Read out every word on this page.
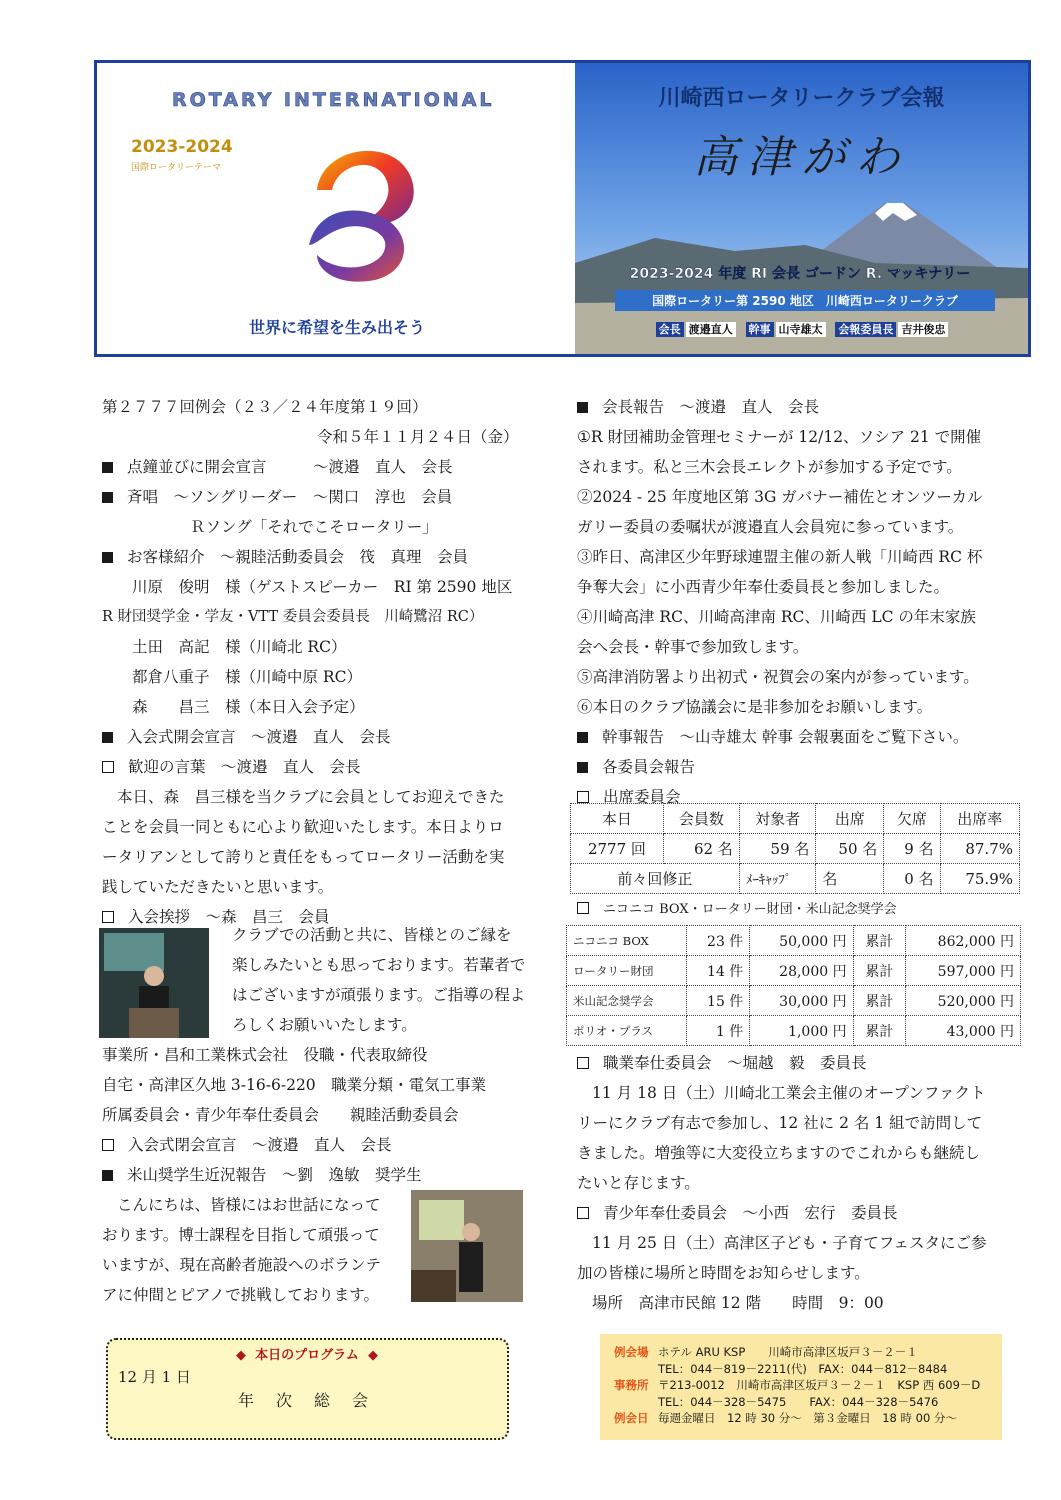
ROTARY INTERNATIONAL
2023-2024
国際ロータリーテーマ
世界に希望を生み出そう
川崎西ロータリークラブ会報
高津がわ
2023-2024 年度 RI 会長 ゴードン R. マッキナリー
国際ロータリー第 2590 地区　川崎西ロータリークラブ
会長 渡邉直人 幹事 山寺雄太 会報委員長 吉井俊忠
第２７７７回例会（２３／２４年度第１９回）
令和５年１１月２４日（金）
点鐘並びに開会宣言　　　～渡邉　直人　会長
斉唱　～ソングリーダー　～関口　淳也　会員
Ｒソング「それでこそロータリー」
お客様紹介　～親睦活動委員会　筏　真理　会員
川原　俊明　様（ゲストスピーカー　RI 第 2590 地区
R 財団奨学金・学友・VTT 委員会委員長　川崎鷺沼 RC）
土田　高記　様（川崎北 RC）
都倉八重子　様（川崎中原 RC）
森　　昌三　様（本日入会予定）
入会式開会宣言　～渡邉　直人　会長
歓迎の言葉　～渡邉　直人　会長
本日、森　昌三様を当クラブに会員としてお迎えできた
ことを会員一同ともに心より歓迎いたします。本日よりロ
ータリアンとして誇りと責任をもってロータリー活動を実
践していただきたいと思います。
入会挨拶　～森　昌三　会員
クラブでの活動と共に、皆様とのご縁を
楽しみたいとも思っております。若輩者で
はございますが頑張ります。ご指導の程よ
ろしくお願いいたします。
事業所・昌和工業株式会社　役職・代表取締役
自宅・高津区久地 3-16-6-220　職業分類・電気工事業
所属委員会・青少年奉仕委員会　　親睦活動委員会
入会式閉会宣言　～渡邉　直人　会長
米山奨学生近況報告　～劉　逸敏　奨学生
こんにちは、皆様にはお世話になって
おります。博士課程を目指して頑張って
いますが、現在高齢者施設へのボランテ
アに仲間とピアノで挑戦しております。
会長報告　～渡邉　直人　会長
①R 財団補助金管理セミナーが 12/12、ソシア 21 で開催
されます。私と三木会長エレクトが参加する予定です。
②2024 - 25 年度地区第 3G ガバナー補佐とオンツーカル
ガリー委員の委嘱状が渡邉直人会員宛に参っています。
③昨日、高津区少年野球連盟主催の新人戦「川崎西 RC 杯
争奪大会」に小西青少年奉仕委員長と参加しました。
④川崎高津 RC、川崎高津南 RC、川崎西 LC の年末家族
会へ会長・幹事で参加致します。
⑤高津消防署より出初式・祝賀会の案内が参っています。
⑥本日のクラブ協議会に是非参加をお願いします。
幹事報告　～山寺雄太 幹事 会報裏面をご覧下さい。
各委員会報告
出席委員会
本日	会員数	対象者	出席	欠席	出席率
2777 回	62 名	59 名	50 名	9 名	87.7%
前々回修正		ﾒｰｷｬｯﾌﾟ	名	0 名	75.9%
ニコニコ BOX・ロータリー財団・米山記念奨学会
ニコニコ BOX	23 件	50,000 円	累計	862,000 円
ロータリー財団	14 件	28,000 円	累計	597,000 円
米山記念奨学会	15 件	30,000 円	累計	520,000 円
ポリオ・プラス	1 件	1,000 円	累計	43,000 円
職業奉仕委員会　～堀越　毅　委員長
11 月 18 日（土）川崎北工業会主催のオープンファクト
リーにクラブ有志で参加し、12 社に 2 名 1 組で訪問して
きました。増強等に大変役立ちますのでこれからも継続し
たいと存じます。
青少年奉仕委員会　～小西　宏行　委員長
11 月 25 日（土）高津区子ども・子育てフェスタにご参
加の皆様に場所と時間をお知らせします。
場所　高津市民館 12 階　　時間　9：00
◆ 本日のプログラム ◆
12 月 1 日
年　次　総　会
例会場 ホテル ARU KSP　　川崎市高津区坂戸３－２－１
TEL：044－819－2211(代)　FAX：044－812－8484
事務所 〒213-0012　川崎市高津区坂戸３－２－１　KSP 西 609－D
TEL：044－328－5475　　FAX：044－328－5476
例会日 毎週金曜日　12 時 30 分～　第３金曜日　18 時 00 分～
